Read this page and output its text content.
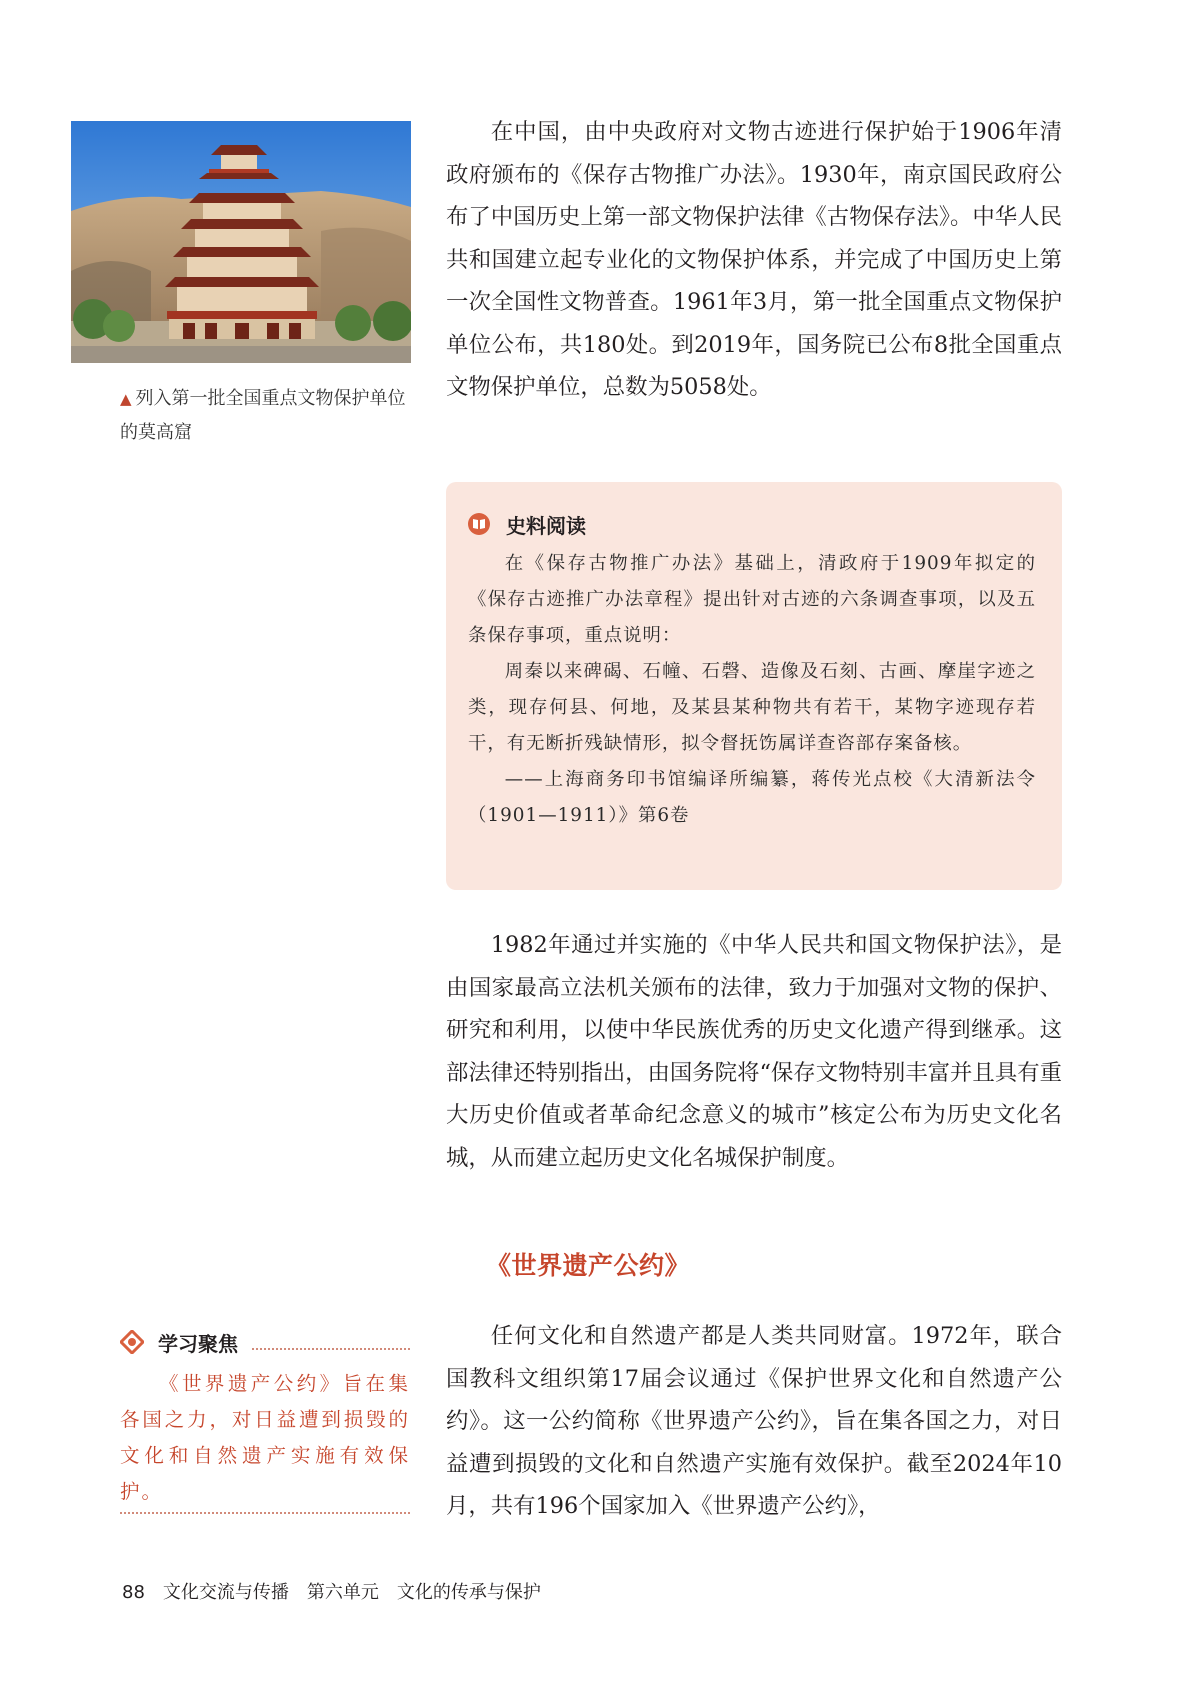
▲ 列入第一批全国重点文物保护单位的莫高窟

在中国，由中央政府对文物古迹进行保护始于1906年清政府颁布的《保存古物推广办法》。1930年，南京国民政府公布了中国历史上第一部文物保护法律《古物保存法》。中华人民共和国建立起专业化的文物保护体系，并完成了中国历史上第一次全国性文物普查。1961年3月，第一批全国重点文物保护单位公布，共180处。到2019年，国务院已公布8批全国重点文物保护单位，总数为5058处。

史料阅读

在《保存古物推广办法》基础上，清政府于1909年拟定的《保存古迹推广办法章程》提出针对古迹的六条调查事项，以及五条保存事项，重点说明：

周秦以来碑碣、石幢、石磬、造像及石刻、古画、摩崖字迹之类，现存何县、何地，及某县某种物共有若干，某物字迹现存若干，有无断折残缺情形，拟令督抚饬属详查咨部存案备核。

——上海商务印书馆编译所编纂，蒋传光点校《大清新法令（1901—1911）》第6卷

1982年通过并实施的《中华人民共和国文物保护法》，是由国家最高立法机关颁布的法律，致力于加强对文物的保护、研究和利用，以使中华民族优秀的历史文化遗产得到继承。这部法律还特别指出，由国务院将“保存文物特别丰富并且具有重大历史价值或者革命纪念意义的城市”核定公布为历史文化名城，从而建立起历史文化名城保护制度。

《世界遗产公约》
学习聚焦

《世界遗产公约》旨在集各国之力，对日益遭到损毁的文化和自然遗产实施有效保护。

任何文化和自然遗产都是人类共同财富。1972年，联合国教科文组织第17届会议通过《保护世界文化和自然遗产公约》。这一公约简称《世界遗产公约》，旨在集各国之力，对日益遭到损毁的文化和自然遗产实施有效保护。截至2024年10月，共有196个国家加入《世界遗产公约》，

88 文化交流与传播 第六单元 文化的传承与保护
